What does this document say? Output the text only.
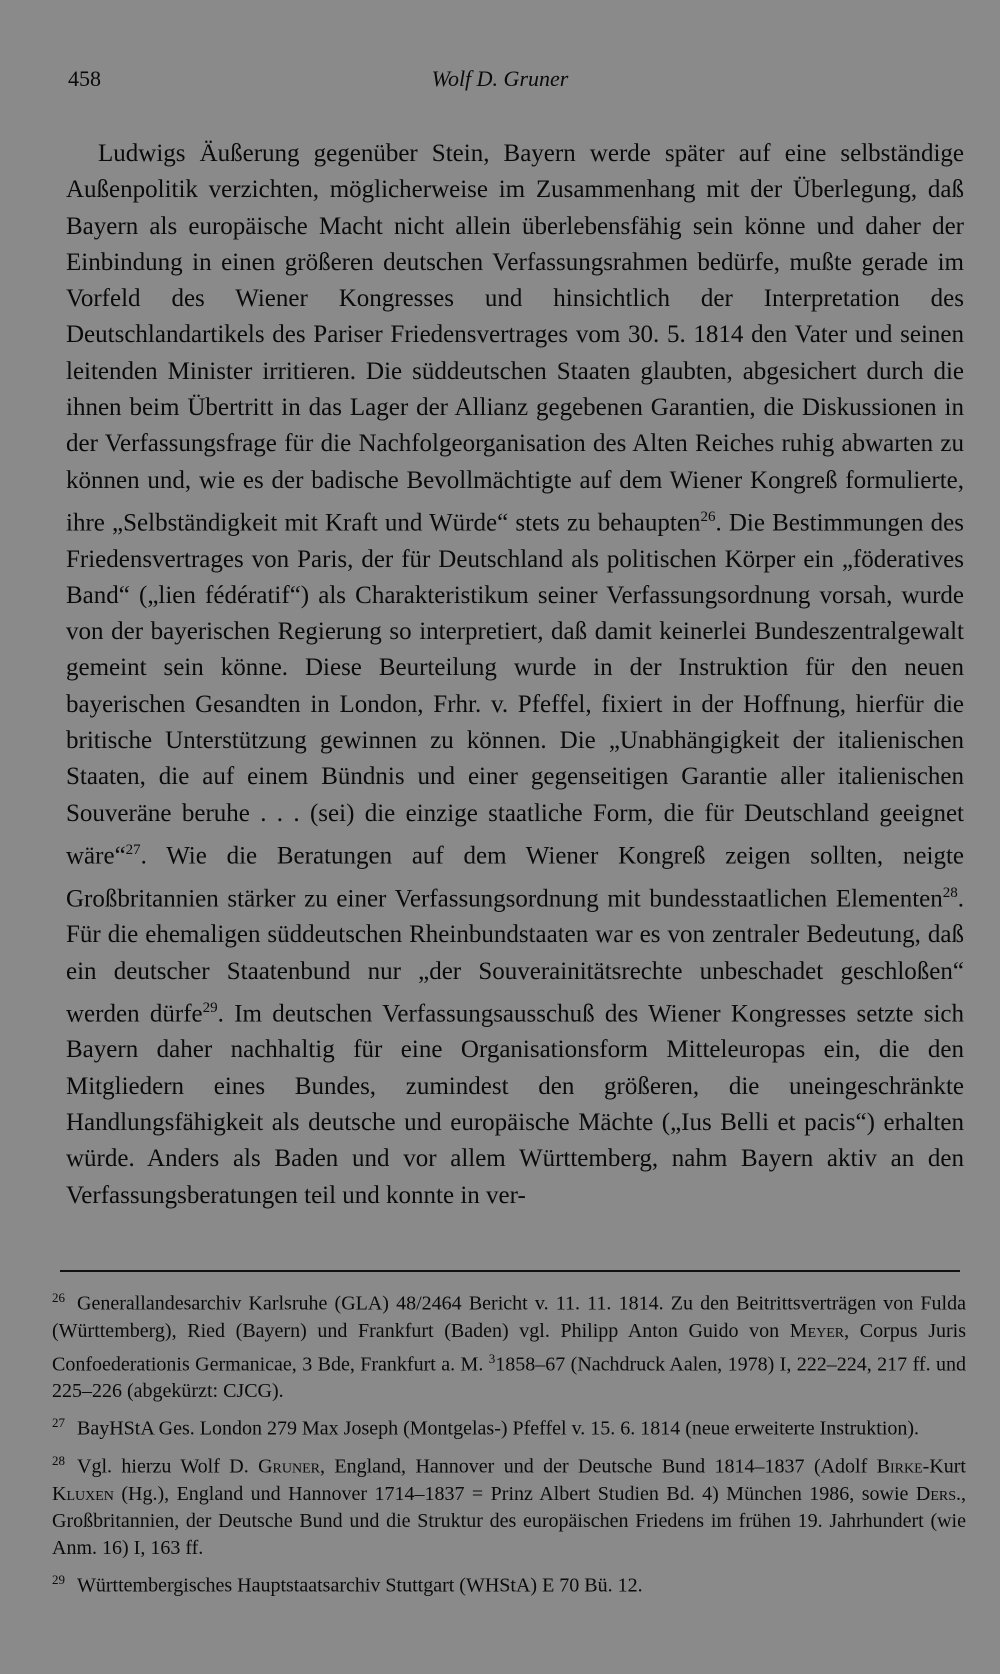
458	Wolf D. Gruner

Ludwigs Äußerung gegenüber Stein, Bayern werde später auf eine selbständige Außenpolitik verzichten, möglicherweise im Zusammenhang mit der Überlegung, daß Bayern als europäische Macht nicht allein überlebensfähig sein könne und daher der Einbindung in einen größeren deutschen Verfassungsrahmen bedürfe, mußte gerade im Vorfeld des Wiener Kongresses und hinsichtlich der Interpretation des Deutschlandartikels des Pariser Friedensvertrages vom 30. 5. 1814 den Vater und seinen leitenden Minister irritieren. Die süddeutschen Staaten glaubten, abgesichert durch die ihnen beim Übertritt in das Lager der Allianz gegebenen Garantien, die Diskussionen in der Verfassungsfrage für die Nachfolgeorganisation des Alten Reiches ruhig abwarten zu können und, wie es der badische Bevollmächtigte auf dem Wiener Kongreß formulierte, ihre „Selbständigkeit mit Kraft und Würde“ stets zu behaupten$^{26}$. Die Bestimmungen des Friedensvertrages von Paris, der für Deutschland als politischen Körper ein „föderatives Band“ („lien fédératif“) als Charakteristikum seiner Verfassungsordnung vorsah, wurde von der bayerischen Regierung so interpretiert, daß damit keinerlei Bundeszentralgewalt gemeint sein könne. Diese Beurteilung wurde in der Instruktion für den neuen bayerischen Gesandten in London, Frhr. v. Pfeffel, fixiert in der Hoffnung, hierfür die britische Unterstützung gewinnen zu können. Die „Unabhängigkeit der italienischen Staaten, die auf einem Bündnis und einer gegenseitigen Garantie aller italienischen Souveräne beruhe . . . (sei) die einzige staatliche Form, die für Deutschland geeignet wäre“$^{27}$. Wie die Beratungen auf dem Wiener Kongreß zeigen sollten, neigte Großbritannien stärker zu einer Verfassungsordnung mit bundesstaatlichen Elementen$^{28}$. Für die ehemaligen süddeutschen Rheinbundstaaten war es von zentraler Bedeutung, daß ein deutscher Staatenbund nur „der Souverainitätsrechte unbeschadet geschloßen“ werden dürfe$^{29}$. Im deutschen Verfassungsausschuß des Wiener Kongresses setzte sich Bayern daher nachhaltig für eine Organisationsform Mitteleuropas ein, die den Mitgliedern eines Bundes, zumindest den größeren, die uneingeschränkte Handlungsfähigkeit als deutsche und europäische Mächte („Ius Belli et pacis“) erhalten würde. Anders als Baden und vor allem Württemberg, nahm Bayern aktiv an den Verfassungsberatungen teil und konnte in ver-

$^{26}$ Generallandesarchiv Karlsruhe (GLA) 48/2464 Bericht v. 11. 11. 1814. Zu den Beitrittsverträgen von Fulda (Württemberg), Ried (Bayern) und Frankfurt (Baden) vgl. Philipp Anton Guido von Meyer, Corpus Juris Confoederationis Germanicae, 3 Bde, Frankfurt a. M. $^3$1858–67 (Nachdruck Aalen, 1978) I, 222–224, 217 ff. und 225–226 (abgekürzt: CJCG).

$^{27}$ BayHStA Ges. London 279 Max Joseph (Montgelas-) Pfeffel v. 15. 6. 1814 (neue erweiterte Instruktion).

$^{28}$ Vgl. hierzu Wolf D. Gruner, England, Hannover und der Deutsche Bund 1814–1837 (Adolf Birke-Kurt Kluxen (Hg.), England und Hannover 1714–1837 = Prinz Albert Studien Bd. 4) München 1986, sowie Ders., Großbritannien, der Deutsche Bund und die Struktur des europäischen Friedens im frühen 19. Jahrhundert (wie Anm. 16) I, 163 ff.

$^{29}$ Württembergisches Hauptstaatsarchiv Stuttgart (WHStA) E 70 Bü. 12.
